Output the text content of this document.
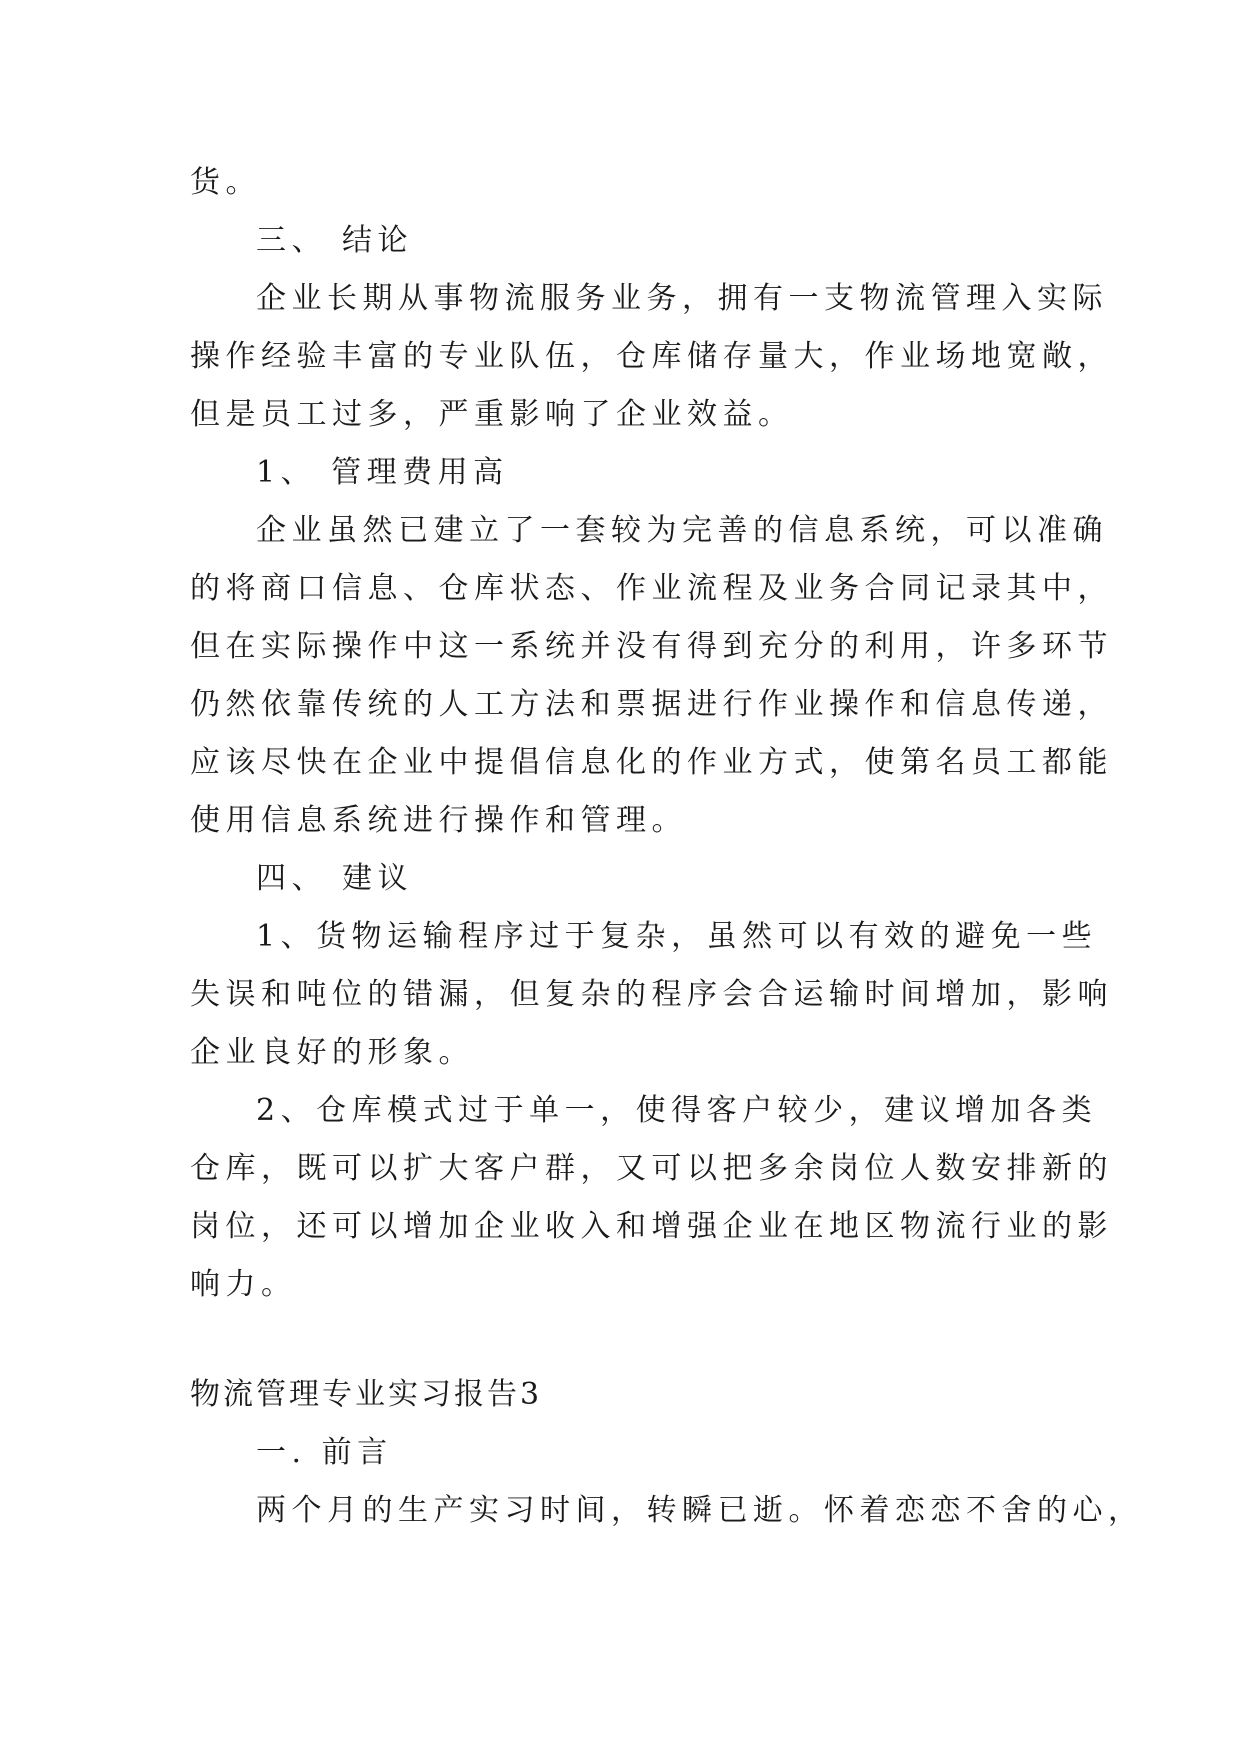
货。
三、 结论
企业长期从事物流服务业务，拥有一支物流管理入实际
操作经验丰富的专业队伍，仓库储存量大，作业场地宽敞，
但是员工过多，严重影响了企业效益。
1、 管理费用高
企业虽然已建立了一套较为完善的信息系统，可以准确
的将商口信息、仓库状态、作业流程及业务合同记录其中，
但在实际操作中这一系统并没有得到充分的利用，许多环节
仍然依靠传统的人工方法和票据进行作业操作和信息传递，
应该尽快在企业中提倡信息化的作业方式，使第名员工都能
使用信息系统进行操作和管理。
四、 建议
1、货物运输程序过于复杂，虽然可以有效的避免一些
失误和吨位的错漏，但复杂的程序会合运输时间增加，影响
企业良好的形象。
2、仓库模式过于单一，使得客户较少，建议增加各类
仓库，既可以扩大客户群，又可以把多余岗位人数安排新的
岗位，还可以增加企业收入和增强企业在地区物流行业的影
响力。
物流管理专业实习报告3
一. 前言
两个月的生产实习时间，转瞬已逝。怀着恋恋不舍的心，
